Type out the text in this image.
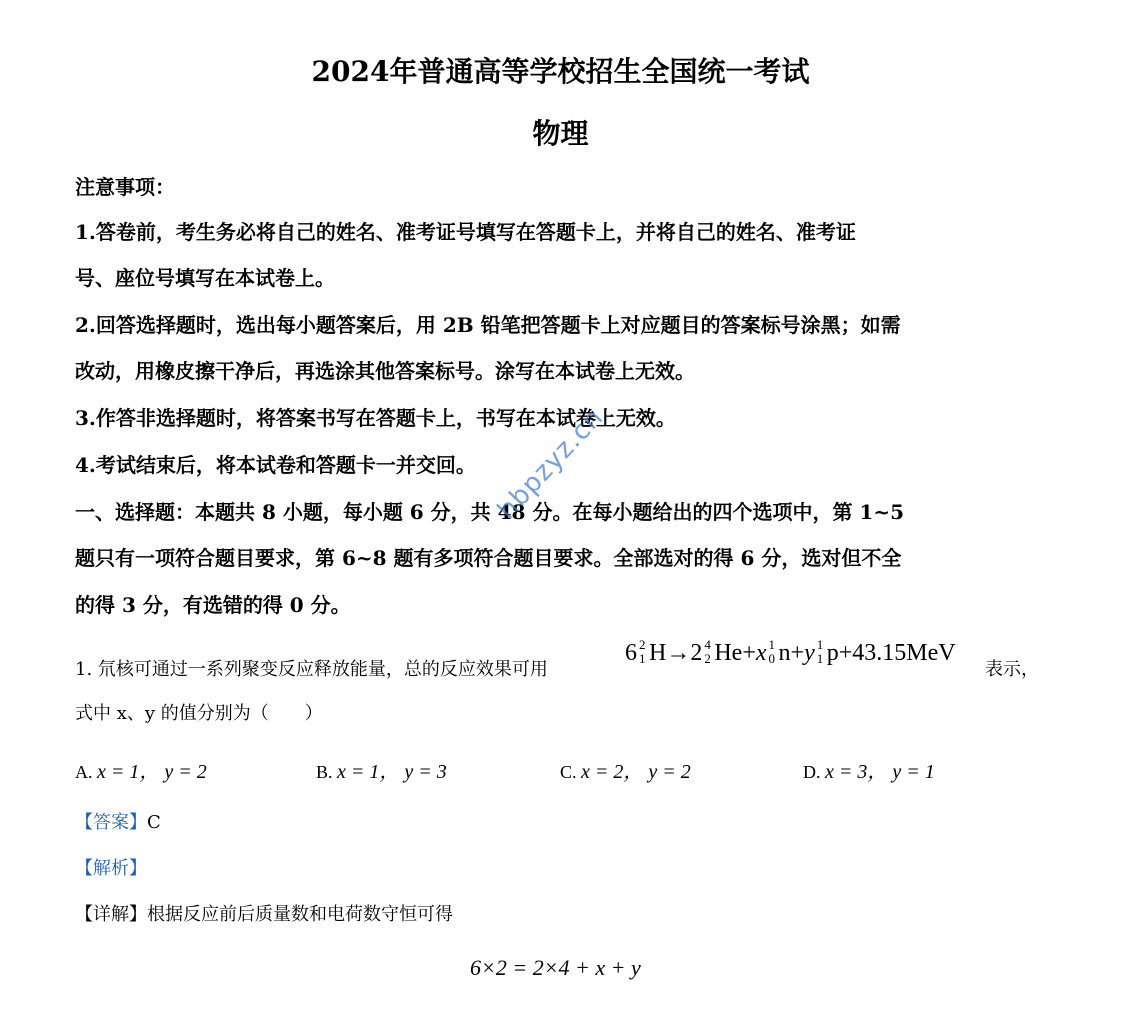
2024年普通高等学校招生全国统一考试
物理
注意事项：
1.答卷前，考生务必将自己的姓名、准考证号填写在答题卡上，并将自己的姓名、准考证
号、座位号填写在本试卷上。
2.回答选择题时，选出每小题答案后，用 2B 铅笔把答题卡上对应题目的答案标号涂黑；如需
改动，用橡皮擦干净后，再选涂其他答案标号。涂写在本试卷上无效。
3.作答非选择题时，将答案书写在答题卡上，书写在本试卷上无效。
4.考试结束后，将本试卷和答题卡一并交回。
一、选择题：本题共 8 小题，每小题 6 分，共 48 分。在每小题给出的四个选项中，第 1~5
题只有一项符合题目要求，第 6~8 题有多项符合题目要求。全部选对的得 6 分，选对但不全
的得 3 分，有选错的得 0 分。
1. 氘核可通过一系列聚变反应释放能量，总的反应效果可用
6 2
1 H→2 4
2 He+x 1
0 n+y 1
1 p+43.15MeV
表示，
式中 x、y 的值分别为（　　）
A. x = 1， y = 2	B. x = 1， y = 3	C. x = 2， y = 2	D. x = 3， y = 1
【答案】C
【解析】
【详解】根据反应前后质量数和电荷数守恒可得
6×2 = 2×4 + x + y
hbpzyz.cn
